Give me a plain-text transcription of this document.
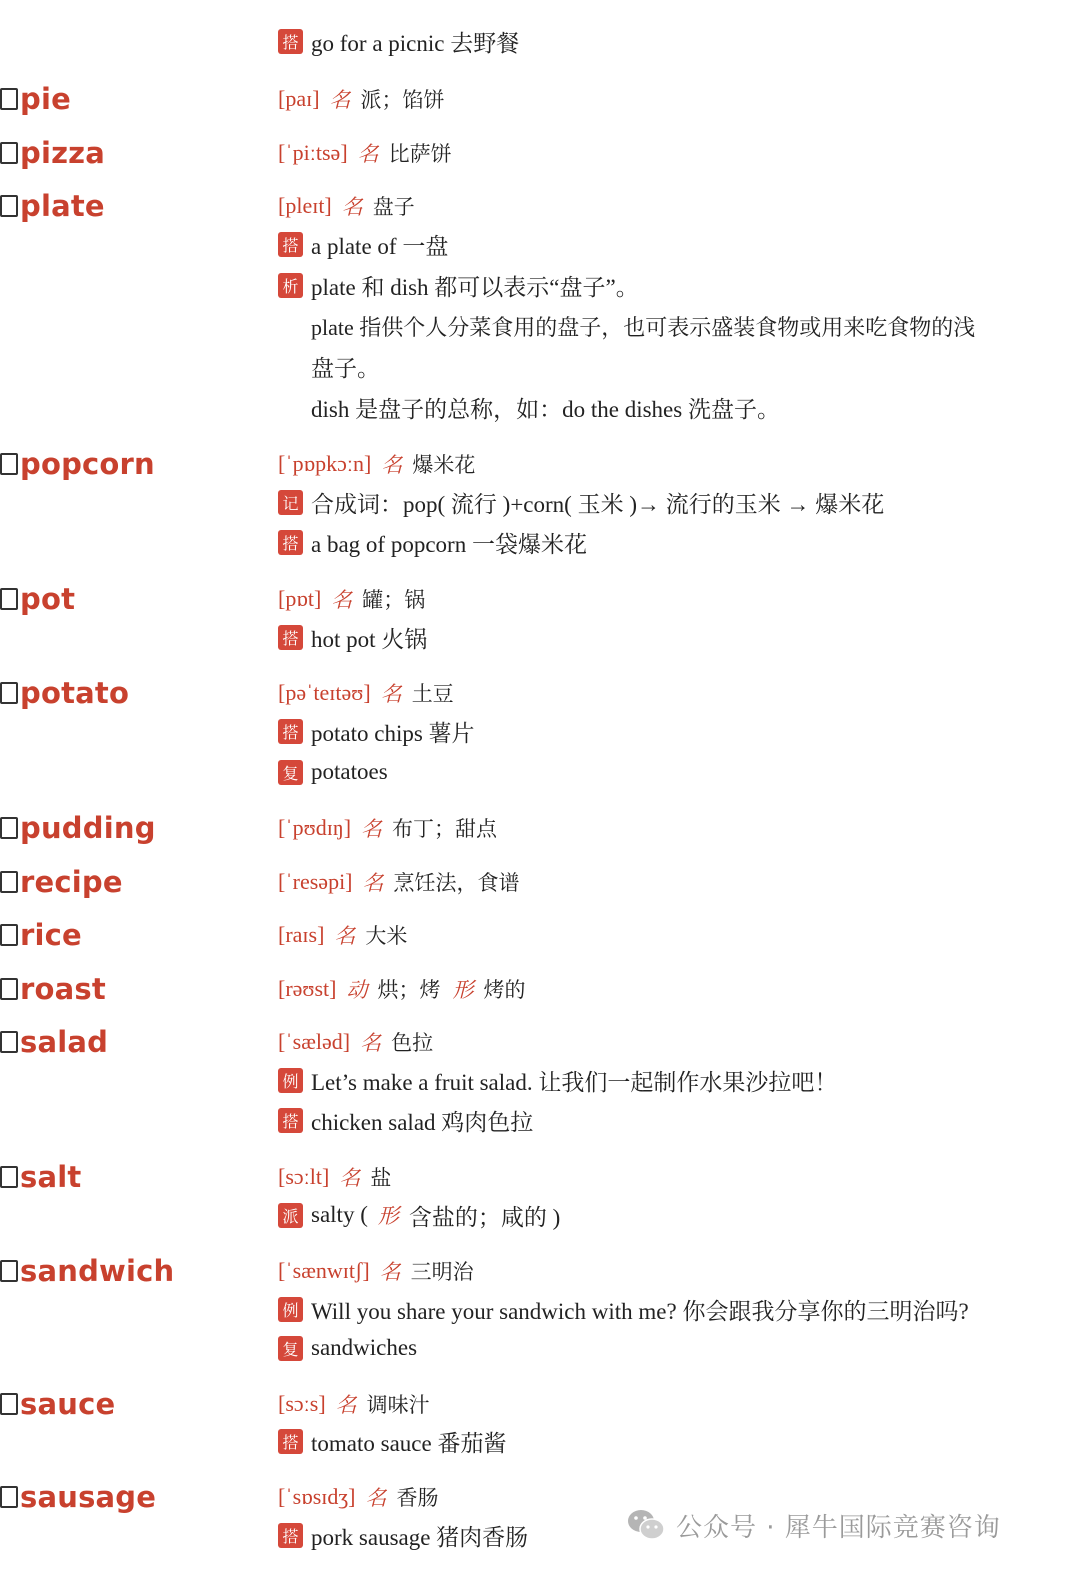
搭 go for a picnic 去野餐
pie	[paɪ] 名 派；馅饼
pizza	[ˈpiːtsə] 名 比萨饼
plate	[pleɪt] 名 盘子
搭 a plate of 一盘
析 plate 和 dish 都可以表示“盘子”。
plate 指供个人分菜食用的盘子，也可表示盛装食物或用来吃食物的浅
盘子。
dish 是盘子的总称，如：do the dishes 洗盘子。
popcorn	[ˈpɒpkɔːn] 名 爆米花
记 合成词：pop( 流行 )+corn( 玉米 )→ 流行的玉米 → 爆米花
搭 a bag of popcorn 一袋爆米花
pot	[pɒt] 名 罐；锅
搭 hot pot 火锅
potato	[pəˈteɪtəʊ] 名 土豆
搭 potato chips 薯片
复 potatoes
pudding	[ˈpʊdɪŋ] 名 布丁；甜点
recipe	[ˈresəpi] 名 烹饪法，食谱
rice	[raɪs] 名 大米
roast	[rəʊst] 动 烘；烤 形 烤的
salad	[ˈsæləd] 名 色拉
例 Let’s make a fruit salad. 让我们一起制作水果沙拉吧！
搭 chicken salad 鸡肉色拉
salt	[sɔːlt] 名 盐
派 salty ( 形 含盐的；咸的 )
sandwich	[ˈsænwɪtʃ] 名 三明治
例 Will you share your sandwich with me? 你会跟我分享你的三明治吗?
复 sandwiches
sauce	[sɔːs] 名 调味汁
搭 tomato sauce 番茄酱
sausage	[ˈsɒsɪdʒ] 名 香肠
搭 pork sausage 猪肉香肠	公众号 · 犀牛国际竞赛咨询
